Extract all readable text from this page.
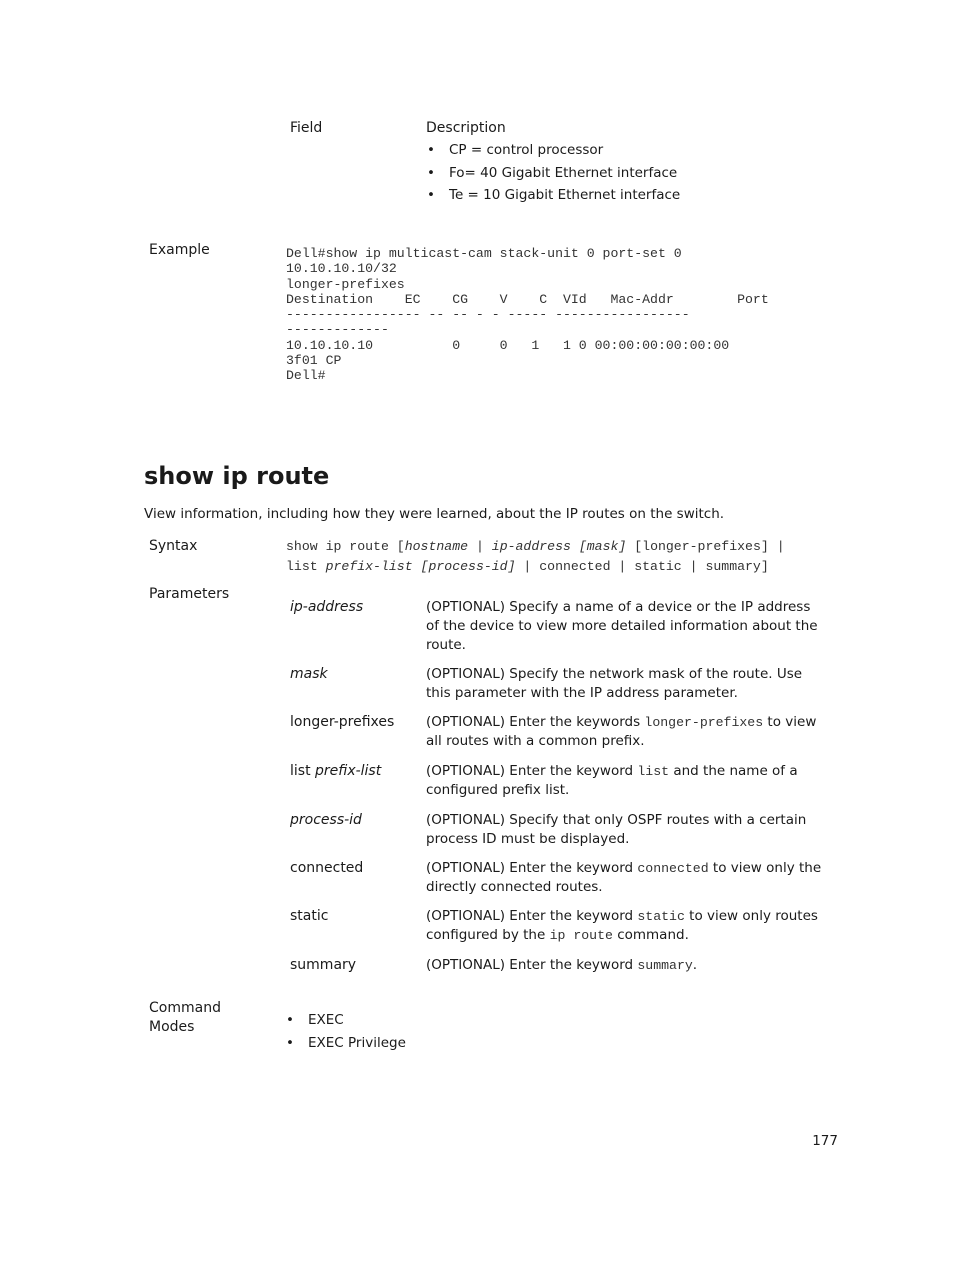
Field	Description
• CP = control processor
• Fo= 40 Gigabit Ethernet interface
• Te = 10 Gigabit Ethernet interface
Example	Dell#show ip multicast-cam stack-unit 0 port-set 0
10.10.10.10/32
longer-prefixes
Destination    EC    CG    V    C  VId   Mac-Addr        Port
----------------- -- -- - - ----- -----------------
-------------
10.10.10.10          0     0   1   1 0 00:00:00:00:00:00
3f01 CP
Dell#
show ip route
View information, including how they were learned, about the IP routes on the switch.
Syntax	show ip route [hostname | ip-address [mask] [longer-prefixes] |
list prefix-list [process-id] | connected | static | summary]
Parameters
ip-address	(OPTIONAL) Specify a name of a device or the IP address of the device to view more detailed information about the route.
mask	(OPTIONAL) Specify the network mask of the route. Use this parameter with the IP address parameter.
longer-prefixes	(OPTIONAL) Enter the keywords longer-prefixes to view all routes with a common prefix.
list prefix-list	(OPTIONAL) Enter the keyword list and the name of a configured prefix list.
process-id	(OPTIONAL) Specify that only OSPF routes with a certain process ID must be displayed.
connected	(OPTIONAL) Enter the keyword connected to view only the directly connected routes.
static	(OPTIONAL) Enter the keyword static to view only routes configured by the ip route command.
summary	(OPTIONAL) Enter the keyword summary.
Command
Modes
•	EXEC
• EXEC Privilege
177
